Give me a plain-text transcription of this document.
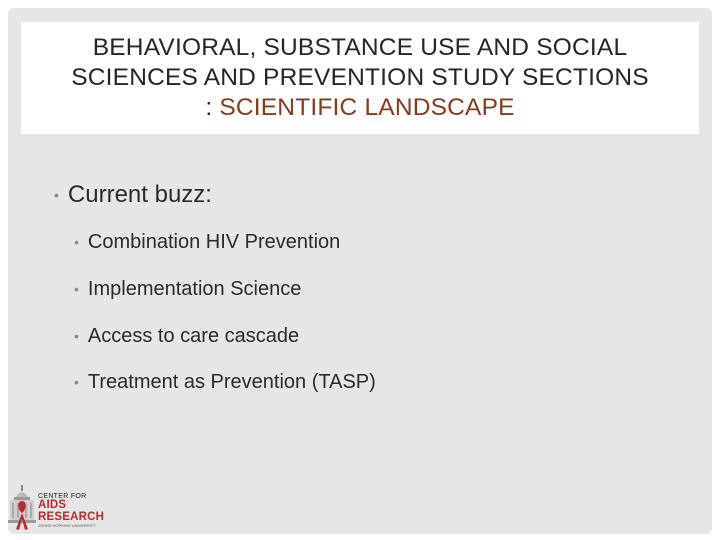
BEHAVIORAL, SUBSTANCE USE AND SOCIAL
SCIENCES AND PREVENTION STUDY SECTIONS
: SCIENTIFIC LANDSCAPE
• Current buzz:
• Combination HIV Prevention
• Implementation Science
• Access to care cascade
• Treatment as Prevention (TASP)
CENTER FOR
AIDS
RESEARCH
JOHNS HOPKINS UNIVERSITY
